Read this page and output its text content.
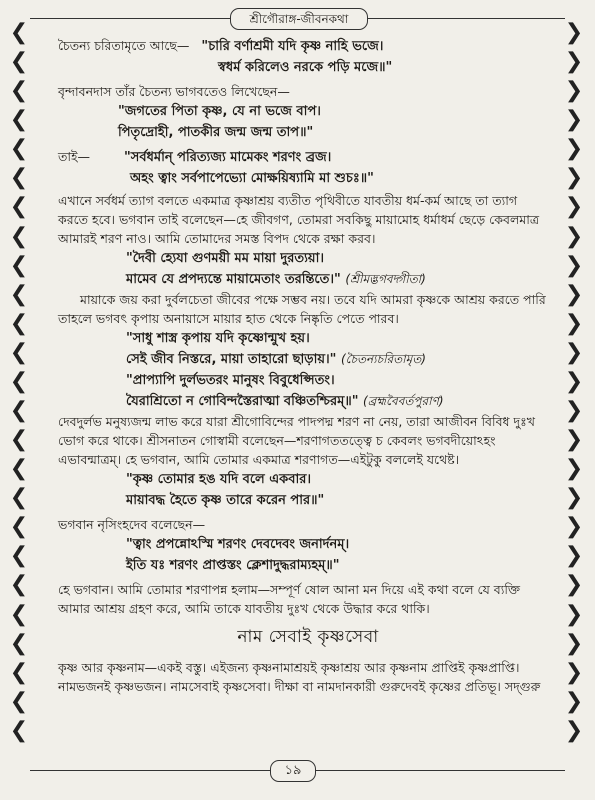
❮
❮
❮
❮
❮
❮
❮
❮
❮
❮
❮
❮
❮
❮
❮
❮
❮
❮
❮
❮
❮
❮
❮
❮
❮
❯
❯
❯
❯
❯
❯
❯
❯
❯
❯
❯
❯
❯
❯
❯
❯
❯
❯
❯
❯
❯
❯
❯
❯
❯
শ্রীগৌরাঙ্গ-জীবনকথা

চৈতন্য চরিতামৃতে আছে— "চারি বর্ণাশ্রমী যদি কৃষ্ণ নাহি ভজে।

স্বধর্ম করিলেও নরকে পড়ি মজে॥"

বৃন্দাবনদাস তাঁর চৈতন্য ভাগবতেও লিখেছেন—

"জগতের পিতা কৃষ্ণ, যে না ভজে বাপ।

পিতৃদ্রোহী, পাতকীর জন্ম জন্ম তাপ॥"

তাই—	"সর্বধর্মান্ পরিত্যজ্য মামেকং শরণং ব্রজ।

অহং ত্বাং সর্বপাপেভ্যো মোক্ষয়িষ্যামি মা শুচঃ॥"

এখানে সর্বধর্ম ত্যাগ বলতে একমাত্র কৃষ্ণাশ্রয় ব্যতীত পৃথিবীতে যাবতীয় ধর্ম-কর্ম আছে তা ত্যাগ

করতে হবে। ভগবান তাই বলেছেন—হে জীবগণ, তোমরা সবকিছু মায়ামোহ ধর্মাধর্ম ছেড়ে কেবলমাত্র

আমারই শরণ নাও। আমি তোমাদের সমস্ত বিপদ থেকে রক্ষা করব।

"দৈবী হ্যেযা গুণময়ী মম মায়া দুরত্যয়া।

মামেব যে প্রপদ্যন্তে মায়ামেতাং তরন্তিতে।" (শ্রীমদ্ভগবদ্গীতা)

মায়াকে জয় করা দুর্বলচেতা জীবের পক্ষে সম্ভব নয়। তবে যদি আমরা কৃষ্ণকে আশ্রয় করতে পারি

তাহলে ভগবৎ কৃপায় অনায়াসে মায়ার হাত থেকে নিষ্কৃতি পেতে পারব।

"সাধু শাস্ত্র কৃপায় যদি কৃষ্ণোন্মুখ হয়।

সেই জীব নিস্তরে, মায়া তাহারো ছাড়ায়।" (চৈতন্যচরিতামৃত)

"প্রাপ্যাপি দুর্লভতরং মানুষং বিবুধেপ্সিতং।

যৈরাশ্রিতো ন গোবিন্দস্তৈরাত্মা বঞ্চিতশ্চিরম্॥" (ব্রহ্মবৈবর্তপুরাণ)

দেবদুর্লভ মনুষ্যজন্ম লাভ করে যারা শ্রীগোবিন্দের পাদপদ্ম শরণ না নেয়, তারা আজীবন বিবিধ দুঃখ

ভোগ করে থাকে। শ্রীসনাতন গোস্বামী বলেছেন—শরণাগততত্ত্বে চ কেবলং ভগবদীয়োঽহং

এভাবন্মাত্রম্। হে ভগবান, আমি তোমার একমাত্র শরণাগত—এইটুকু বললেই যথেষ্ট।

"কৃষ্ণ তোমার হঙ যদি বলে একবার।

মায়াবদ্ধ হৈতে কৃষ্ণ তারে করেন পার॥"

ভগবান নৃসিংহদেব বলেছেন—

"ত্বাং প্রপন্নোঽস্মি শরণং দেবদেবং জনার্দনম্।

ইতি যঃ শরণং প্রাপ্তস্তং ক্লেশাদুদ্ধরাম্যহম্॥"

হে ভগবান। আমি তোমার শরণাপন্ন হলাম—সম্পূর্ণ ষোল আনা মন দিয়ে এই কথা বলে যে ব্যক্তি

আমার আশ্রয় গ্রহণ করে, আমি তাকে যাবতীয় দুঃখ থেকে উদ্ধার করে থাকি।

নাম সেবাই কৃষ্ণসেবা

কৃষ্ণ আর কৃষ্ণনাম—একই বস্তু। এইজন্য কৃষ্ণনামাশ্রয়ই কৃষ্ণাশ্রয় আর কৃষ্ণনাম প্রাপ্তিই কৃষ্ণপ্রাপ্তি।

নামভজনই কৃষ্ণভজন। নামসেবাই কৃষ্ণসেবা। দীক্ষা বা নামদানকারী গুরুদেবই কৃষ্ণের প্রতিভূ। সদ্গুরু

১৯
